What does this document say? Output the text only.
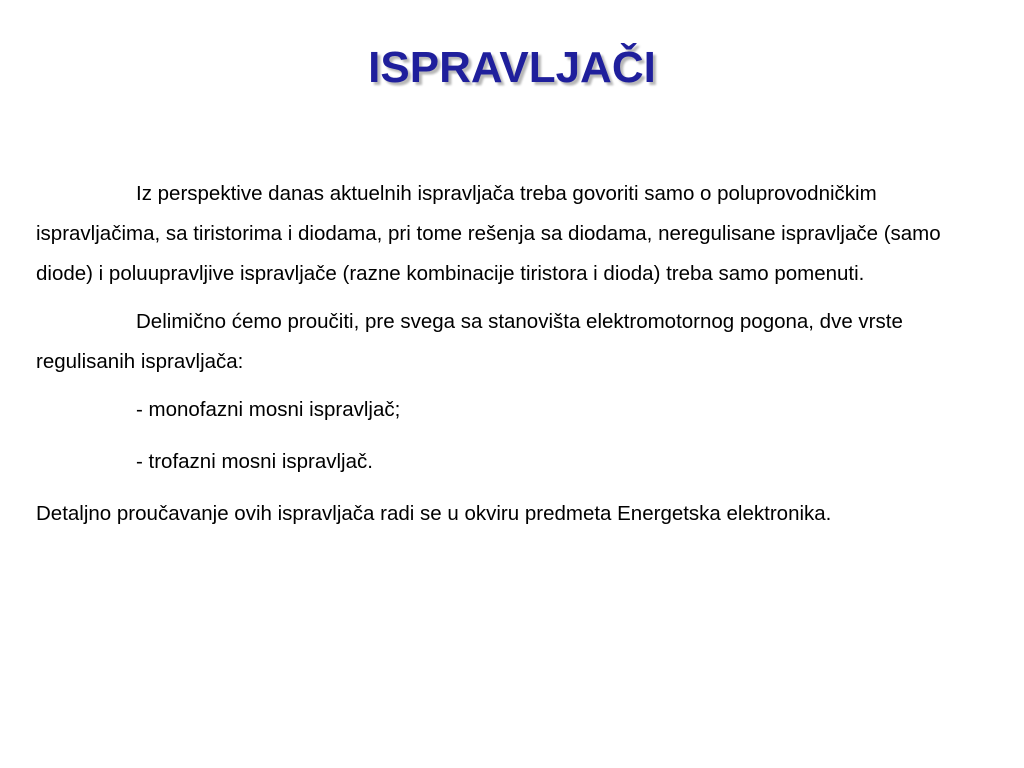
ISPRAVLJAČI

Iz perspektive danas aktuelnih ispravljača treba govoriti samo o poluprovodničkim ispravljačima, sa tiristorima i diodama, pri tome rešenja sa diodama, neregulisane ispravljače (samo diode) i poluupravljive ispravljače (razne kombinacije tiristora i dioda) treba samo pomenuti.

Delimično ćemo proučiti, pre svega sa stanovišta elektromotornog pogona, dve vrste regulisanih ispravljača:

- monofazni mosni ispravljač;

- trofazni mosni ispravljač.

Detaljno proučavanje ovih ispravljača radi se u okviru predmeta Energetska elektronika.
